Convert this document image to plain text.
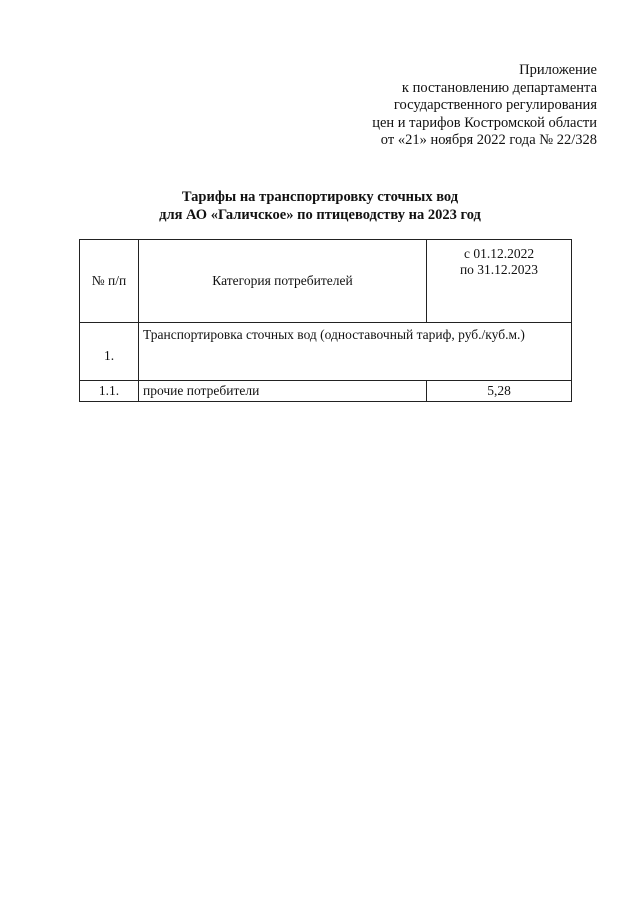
Приложение
к постановлению департамента
государственного регулирования
цен и тарифов Костромской области
от «21» ноября 2022 года № 22/328
Тарифы на транспортировку сточных вод
для АО «Галичское» по птицеводству на 2023 год
№ п/п	Категория потребителей	с 01.12.2022
по 31.12.2023

1.	Транспортировка сточных вод (одноставочный тариф, руб./куб.м.)	
1.1.	прочие потребители	5,28
